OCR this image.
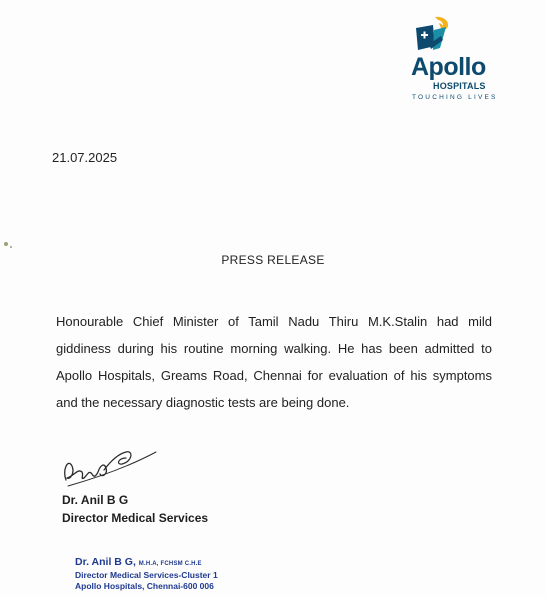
Apollo
HOSPITALS
TOUCHING LIVES
21.07.2025
PRESS RELEASE
Honourable Chief Minister of Tamil Nadu Thiru M.K.Stalin had mild giddiness during his routine morning walking. He has been admitted to Apollo Hospitals, Greams Road, Chennai for evaluation of his symptoms and the necessary diagnostic tests are being done.
Dr. Anil B G
Director Medical Services
Dr. Anil B G, M.H.A, FCHSM C.H.E
Director Medical Services-Cluster 1
Apollo Hospitals, Chennai-600 006
